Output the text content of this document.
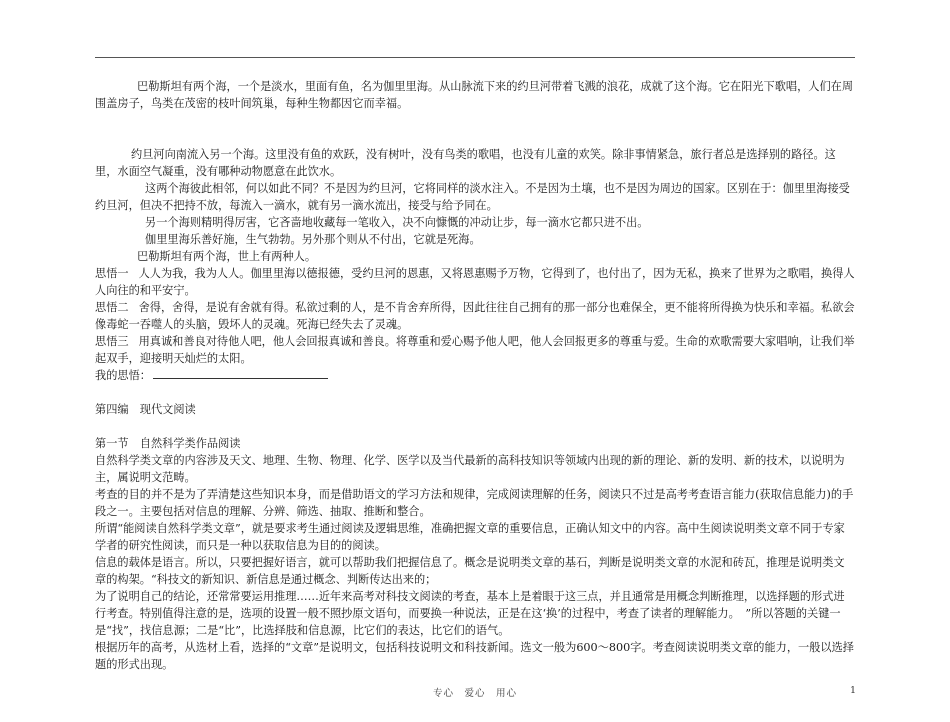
巴勒斯坦有两个海，一个是淡水，里面有鱼，名为伽里里海。从山脉流下来的约旦河带着飞溅的浪花，成就了这个海。它在阳光下歌唱，人们在周围盖房子，鸟类在茂密的枝叶间筑巢，每种生物都因它而幸福。

约旦河向南流入另一个海。这里没有鱼的欢跃，没有树叶，没有鸟类的歌唱，也没有儿童的欢笑。除非事情紧急，旅行者总是选择别的路径。这里，水面空气凝重，没有哪种动物愿意在此饮水。

这两个海彼此相邻，何以如此不同？不是因为约旦河，它将同样的淡水注入。不是因为土壤，也不是因为周边的国家。区别在于：伽里里海接受约旦河，但决不把持不放，每流入一滴水，就有另一滴水流出，接受与给予同在。

另一个海则精明得厉害，它吝啬地收藏每一笔收入，决不向慷慨的冲动让步，每一滴水它都只进不出。

伽里里海乐善好施，生气勃勃。另外那个则从不付出，它就是死海。

巴勒斯坦有两个海，世上有两种人。

思悟一 人人为我，我为人人。伽里里海以德报德，受约旦河的恩惠，又将恩惠赐予万物，它得到了，也付出了，因为无私，换来了世界为之歌唱，换得人人向往的和平安宁。

思悟二 舍得，舍得，是说有舍就有得。私欲过剩的人，是不肯舍弃所得，因此往往自己拥有的那一部分也难保全，更不能将所得换为快乐和幸福。私欲会像毒蛇一吞噬人的头脑，毁坏人的灵魂。死海已经失去了灵魂。

思悟三 用真诚和善良对待他人吧，他人会回报真诚和善良。将尊重和爱心赐予他人吧，他人会回报更多的尊重与爱。生命的欢歌需要大家唱响，让我们举起双手，迎接明天灿烂的太阳。

我的思悟：

第四编　现代文阅读

第一节　自然科学类作品阅读

自然科学类文章的内容涉及天文、地理、生物、物理、化学、医学以及当代最新的高科技知识等领域内出现的新的理论、新的发明、新的技术，以说明为主，属说明文范畴。

考查的目的并不是为了弄清楚这些知识本身，而是借助语文的学习方法和规律，完成阅读理解的任务，阅读只不过是高考考查语言能力(获取信息能力)的手段之一。主要包括对信息的理解、分辨、筛选、抽取、推断和整合。

所谓“能阅读自然科学类文章”，就是要求考生通过阅读及逻辑思维，准确把握文章的重要信息，正确认知文中的内容。高中生阅读说明类文章不同于专家学者的研究性阅读，而只是一种以获取信息为目的的阅读。

信息的载体是语言。所以，只要把握好语言，就可以帮助我们把握信息了。概念是说明类文章的基石，判断是说明类文章的水泥和砖瓦，推理是说明类文章的构架。“科技文的新知识、新信息是通过概念、判断传达出来的；

为了说明自己的结论，还常常要运用推理……近年来高考对科技文阅读的考查，基本上是着眼于这三点，并且通常是用概念判断推理，以选择题的形式进行考查。特别值得注意的是，选项的设置一般不照抄原文语句，而要换一种说法，正是在这‘换’的过程中，考查了读者的理解能力。　”所以答题的关键一是“找”，找信息源；二是“比”，比选择肢和信息源，比它们的表达，比它们的语气。

根据历年的高考，从选材上看，选择的“文章”是说明文，包括科技说明文和科技新闻。选文一般为600～800字。考查阅读说明类文章的能力，一般以选择题的形式出现。

专心　爱心　用心	1
